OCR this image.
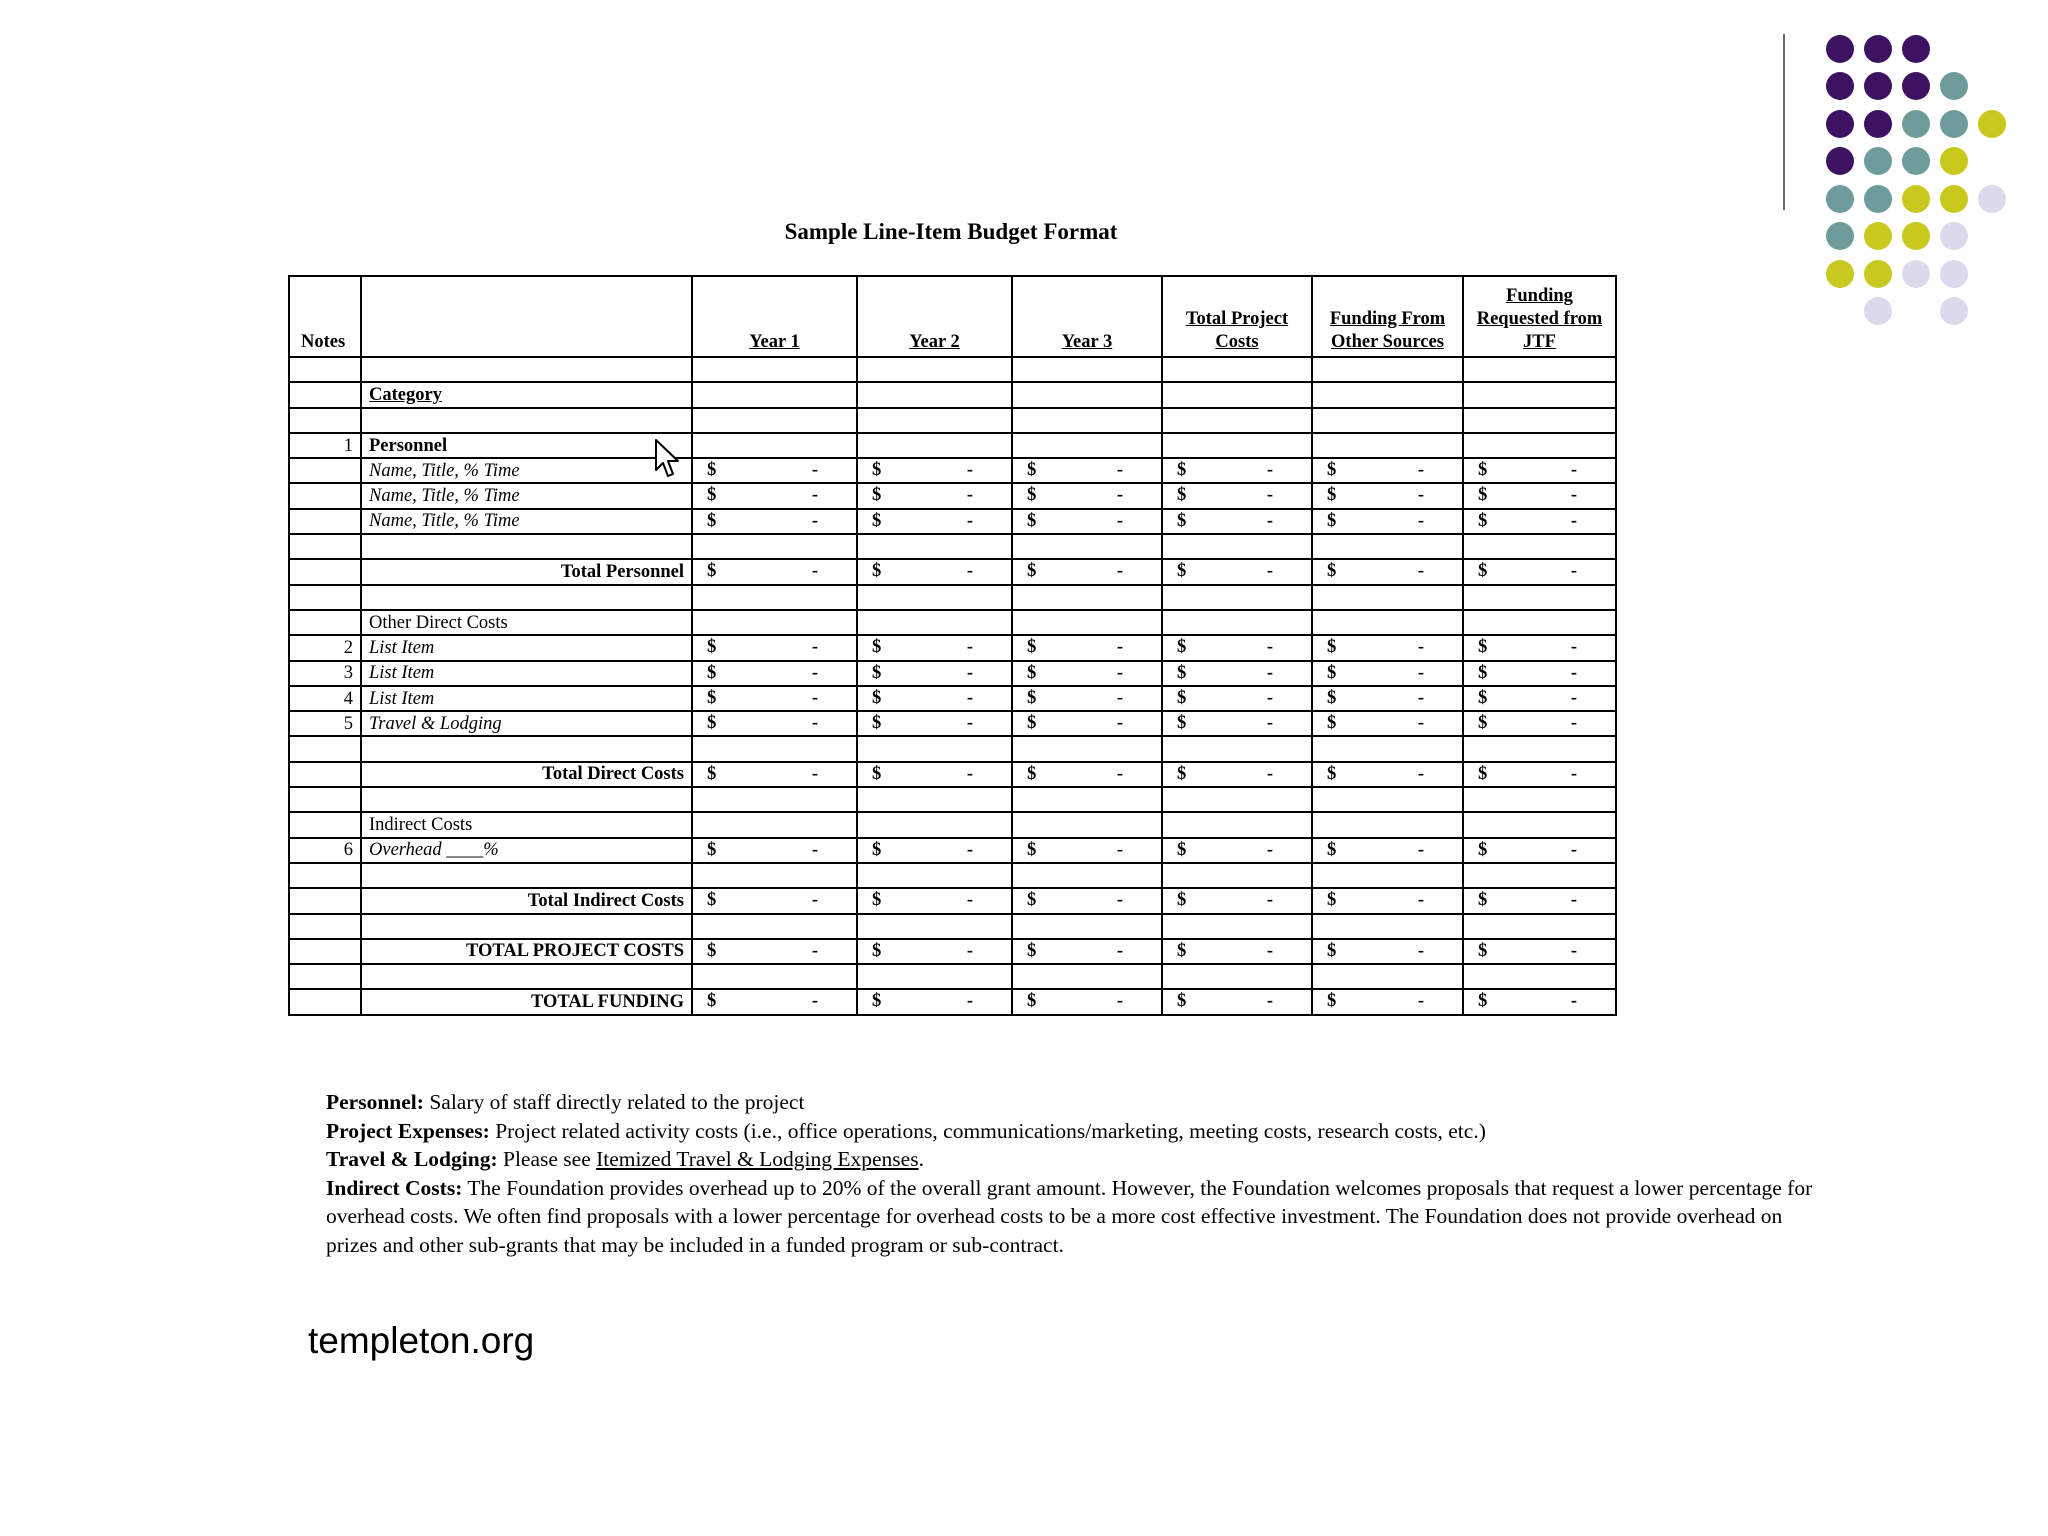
Sample Line-Item Budget Format
Notes		Year 1	Year 2	Year 3	Total Project Costs	Funding From Other Sources	Funding Requested from JTF

	Category						

1	Personnel						
	Name, Title, % Time	$ -	$ -	$ -	$ -	$ -	$ -

	Name, Title, % Time	$ -	$ -	$ -	$ -	$ -	$ -

	Name, Title, % Time	$ -	$ -	$ -	$ -	$ -	$ -

	Total Personnel	$ -	$ -	$ -	$ -	$ -	$ -

	Other Direct Costs						
2	List Item	$ -	$ -	$ -	$ -	$ -	$ -

3	List Item	$ -	$ -	$ -	$ -	$ -	$ -

4	List Item	$ -	$ -	$ -	$ -	$ -	$ -

5	Travel & Lodging	$ -	$ -	$ -	$ -	$ -	$ -

	Total Direct Costs	$ -	$ -	$ -	$ -	$ -	$ -

	Indirect Costs						
6	Overhead ____%	$ -	$ -	$ -	$ -	$ -	$ -

	Total Indirect Costs	$ -	$ -	$ -	$ -	$ -	$ -

	TOTAL PROJECT COSTS	$ -	$ -	$ -	$ -	$ -	$ -

	TOTAL FUNDING	$ -	$ -	$ -	$ -	$ -	$ -

Personnel: Salary of staff directly related to the project

Project Expenses: Project related activity costs (i.e., office operations, communications/marketing, meeting costs, research costs, etc.)

Travel & Lodging: Please see Itemized Travel & Lodging Expenses.

Indirect Costs: The Foundation provides overhead up to 20% of the overall grant amount. However, the Foundation welcomes proposals that request a lower percentage for overhead costs. We often find proposals with a lower percentage for overhead costs to be a more cost effective investment. The Foundation does not provide overhead on prizes and other sub-grants that may be included in a funded program or sub-contract.

templeton.org
